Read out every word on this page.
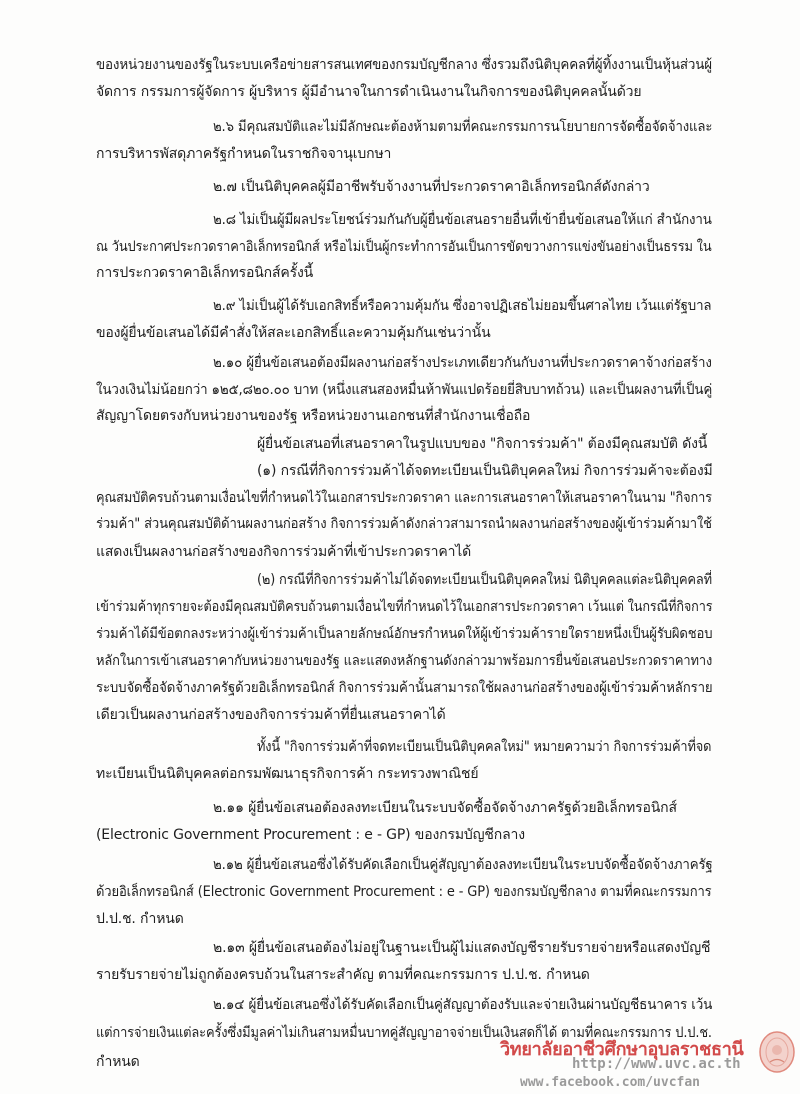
ของหน่วยงานของรัฐในระบบเครือข่ายสารสนเทศของกรมบัญชีกลาง ซึ่งรวมถึงนิติบุคคลที่ผู้ทิ้งงานเป็นหุ้นส่วนผู้
จัดการ กรรมการผู้จัดการ ผู้บริหาร ผู้มีอำนาจในการดำเนินงานในกิจการของนิติบุคคลนั้นด้วย
๒.๖ มีคุณสมบัติและไม่มีลักษณะต้องห้ามตามที่คณะกรรมการนโยบายการจัดซื้อจัดจ้างและ
การบริหารพัสดุภาครัฐกำหนดในราชกิจจานุเบกษา
๒.๗ เป็นนิติบุคคลผู้มีอาชีพรับจ้างงานที่ประกวดราคาอิเล็กทรอนิกส์ดังกล่าว
๒.๘ ไม่เป็นผู้มีผลประโยชน์ร่วมกันกับผู้ยื่นข้อเสนอรายอื่นที่เข้ายื่นข้อเสนอให้แก่ สำนักงาน
ณ วันประกาศประกวดราคาอิเล็กทรอนิกส์ หรือไม่เป็นผู้กระทำการอันเป็นการขัดขวางการแข่งขันอย่างเป็นธรรม ใน
การประกวดราคาอิเล็กทรอนิกส์ครั้งนี้
๒.๙ ไม่เป็นผู้ได้รับเอกสิทธิ์หรือความคุ้มกัน ซึ่งอาจปฏิเสธไม่ยอมขึ้นศาลไทย เว้นแต่รัฐบาล
ของผู้ยื่นข้อเสนอได้มีคำสั่งให้สละเอกสิทธิ์และความคุ้มกันเช่นว่านั้น
๒.๑๐ ผู้ยื่นข้อเสนอต้องมีผลงานก่อสร้างประเภทเดียวกันกับงานที่ประกวดราคาจ้างก่อสร้าง
ในวงเงินไม่น้อยกว่า ๑๒๕,๘๒๐.๐๐ บาท (หนึ่งแสนสองหมื่นห้าพันแปดร้อยยี่สิบบาทถ้วน) และเป็นผลงานที่เป็นคู่
สัญญาโดยตรงกับหน่วยงานของรัฐ หรือหน่วยงานเอกชนที่สำนักงานเชื่อถือ
ผู้ยื่นข้อเสนอที่เสนอราคาในรูปแบบของ "กิจการร่วมค้า" ต้องมีคุณสมบัติ ดังนี้
(๑) กรณีที่กิจการร่วมค้าได้จดทะเบียนเป็นนิติบุคคลใหม่ กิจการร่วมค้าจะต้องมี
คุณสมบัติครบถ้วนตามเงื่อนไขที่กำหนดไว้ในเอกสารประกวดราคา และการเสนอราคาให้เสนอราคาในนาม "กิจการ
ร่วมค้า" ส่วนคุณสมบัติด้านผลงานก่อสร้าง กิจการร่วมค้าดังกล่าวสามารถนำผลงานก่อสร้างของผู้เข้าร่วมค้ามาใช้
แสดงเป็นผลงานก่อสร้างของกิจการร่วมค้าที่เข้าประกวดราคาได้
(๒) กรณีที่กิจการร่วมค้าไม่ได้จดทะเบียนเป็นนิติบุคคลใหม่ นิติบุคคลแต่ละนิติบุคคลที่
เข้าร่วมค้าทุกรายจะต้องมีคุณสมบัติครบถ้วนตามเงื่อนไขที่กำหนดไว้ในเอกสารประกวดราคา เว้นแต่ ในกรณีที่กิจการ
ร่วมค้าได้มีข้อตกลงระหว่างผู้เข้าร่วมค้าเป็นลายลักษณ์อักษรกำหนดให้ผู้เข้าร่วมค้ารายใดรายหนึ่งเป็นผู้รับผิดชอบ
หลักในการเข้าเสนอราคากับหน่วยงานของรัฐ และแสดงหลักฐานดังกล่าวมาพร้อมการยื่นข้อเสนอประกวดราคาทาง
ระบบจัดซื้อจัดจ้างภาครัฐด้วยอิเล็กทรอนิกส์ กิจการร่วมค้านั้นสามารถใช้ผลงานก่อสร้างของผู้เข้าร่วมค้าหลักราย
เดียวเป็นผลงานก่อสร้างของกิจการร่วมค้าที่ยื่นเสนอราคาได้
ทั้งนี้ "กิจการร่วมค้าที่จดทะเบียนเป็นนิติบุคคลใหม่" หมายความว่า กิจการร่วมค้าที่จด
ทะเบียนเป็นนิติบุคคลต่อกรมพัฒนาธุรกิจการค้า กระทรวงพาณิชย์
๒.๑๑ ผู้ยื่นข้อเสนอต้องลงทะเบียนในระบบจัดซื้อจัดจ้างภาครัฐด้วยอิเล็กทรอนิกส์
(Electronic Government Procurement : e - GP) ของกรมบัญชีกลาง
๒.๑๒ ผู้ยื่นข้อเสนอซึ่งได้รับคัดเลือกเป็นคู่สัญญาต้องลงทะเบียนในระบบจัดซื้อจัดจ้างภาครัฐ
ด้วยอิเล็กทรอนิกส์ (Electronic Government Procurement : e - GP) ของกรมบัญชีกลาง ตามที่คณะกรรมการ
ป.ป.ช. กำหนด
๒.๑๓ ผู้ยื่นข้อเสนอต้องไม่อยู่ในฐานะเป็นผู้ไม่แสดงบัญชีรายรับรายจ่ายหรือแสดงบัญชี
รายรับรายจ่ายไม่ถูกต้องครบถ้วนในสาระสำคัญ ตามที่คณะกรรมการ ป.ป.ช. กำหนด
๒.๑๔ ผู้ยื่นข้อเสนอซึ่งได้รับคัดเลือกเป็นคู่สัญญาต้องรับและจ่ายเงินผ่านบัญชีธนาคาร เว้น
แต่การจ่ายเงินแต่ละครั้งซึ่งมีมูลค่าไม่เกินสามหมื่นบาทคู่สัญญาอาจจ่ายเป็นเงินสดก็ได้ ตามที่คณะกรรมการ ป.ป.ช.
กำหนด
วิทยาลัยอาชีวศึกษาอุบลราชธานี
http://www.uvc.ac.th
www.facebook.com/uvcfan
